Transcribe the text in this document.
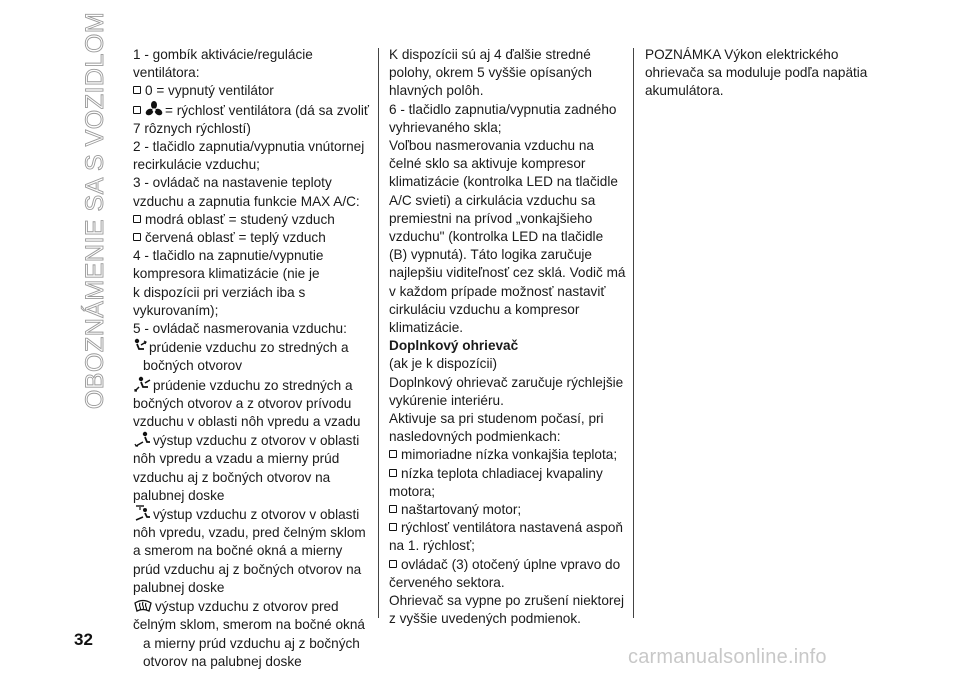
OBOZNÁMENIE SA S VOZIDLOM 1 - gombík aktivácie/regulácie
ventilátora:
0 = vypnutý ventilátor
= rýchlosť ventilátora (dá sa zvoliť
7 rôznych rýchlostí)
2 - tlačidlo zapnutia/vypnutia vnútornej
recirkulácie vzduchu;
3 - ovládač na nastavenie teploty
vzduchu a zapnutia funkcie MAX A/C:
modrá oblasť = studený vzduch
červená oblasť = teplý vzduch
4 - tlačidlo na zapnutie/vypnutie
kompresora klimatizácie (nie je
k dispozícii pri verziách iba s
vykurovaním);
5 - ovládač nasmerovania vzduchu:
prúdenie vzduchu zo stredných a
bočných otvorov
prúdenie vzduchu zo stredných a
bočných otvorov a z otvorov prívodu
vzduchu v oblasti nôh vpredu a vzadu
výstup vzduchu z otvorov v oblasti
nôh vpredu a vzadu a mierny prúd
vzduchu aj z bočných otvorov na
palubnej doske
výstup vzduchu z otvorov v oblasti
nôh vpredu, vzadu, pred čelným sklom
a smerom na bočné okná a mierny
prúd vzduchu aj z bočných otvorov na
palubnej doske
výstup vzduchu z otvorov pred
čelným sklom, smerom na bočné okná
a mierny prúd vzduchu aj z bočných
otvorov na palubnej doske
K dispozícii sú aj 4 ďalšie stredné
polohy, okrem 5 vyššie opísaných
hlavných polôh.
6 - tlačidlo zapnutia/vypnutia zadného
vyhrievaného skla;
Voľbou nasmerovania vzduchu na
čelné sklo sa aktivuje kompresor
klimatizácie (kontrolka LED na tlačidle
A/C svieti) a cirkulácia vzduchu sa
premiestni na prívod „vonkajšieho
vzduchu" (kontrolka LED na tlačidle
(B) vypnutá). Táto logika zaručuje
najlepšiu viditeľnosť cez sklá. Vodič má
v každom prípade možnosť nastaviť
cirkuláciu vzduchu a kompresor
klimatizácie.
Doplnkový ohrievač
(ak je k dispozícii)
Doplnkový ohrievač zaručuje rýchlejšie
vykúrenie interiéru.
Aktivuje sa pri studenom počasí, pri
nasledovných podmienkach:
mimoriadne nízka vonkajšia teplota;
nízka teplota chladiacej kvapaliny
motora;
naštartovaný motor;
rýchlosť ventilátora nastavená aspoň
na 1. rýchlosť;
ovládač (3) otočený úplne vpravo do
červeného sektora.
Ohrievač sa vypne po zrušení niektorej
z vyššie uvedených podmienok.
POZNÁMKA Výkon elektrického
ohrievača sa moduluje podľa napätia
akumulátora.
32
carmanualsonline.info
